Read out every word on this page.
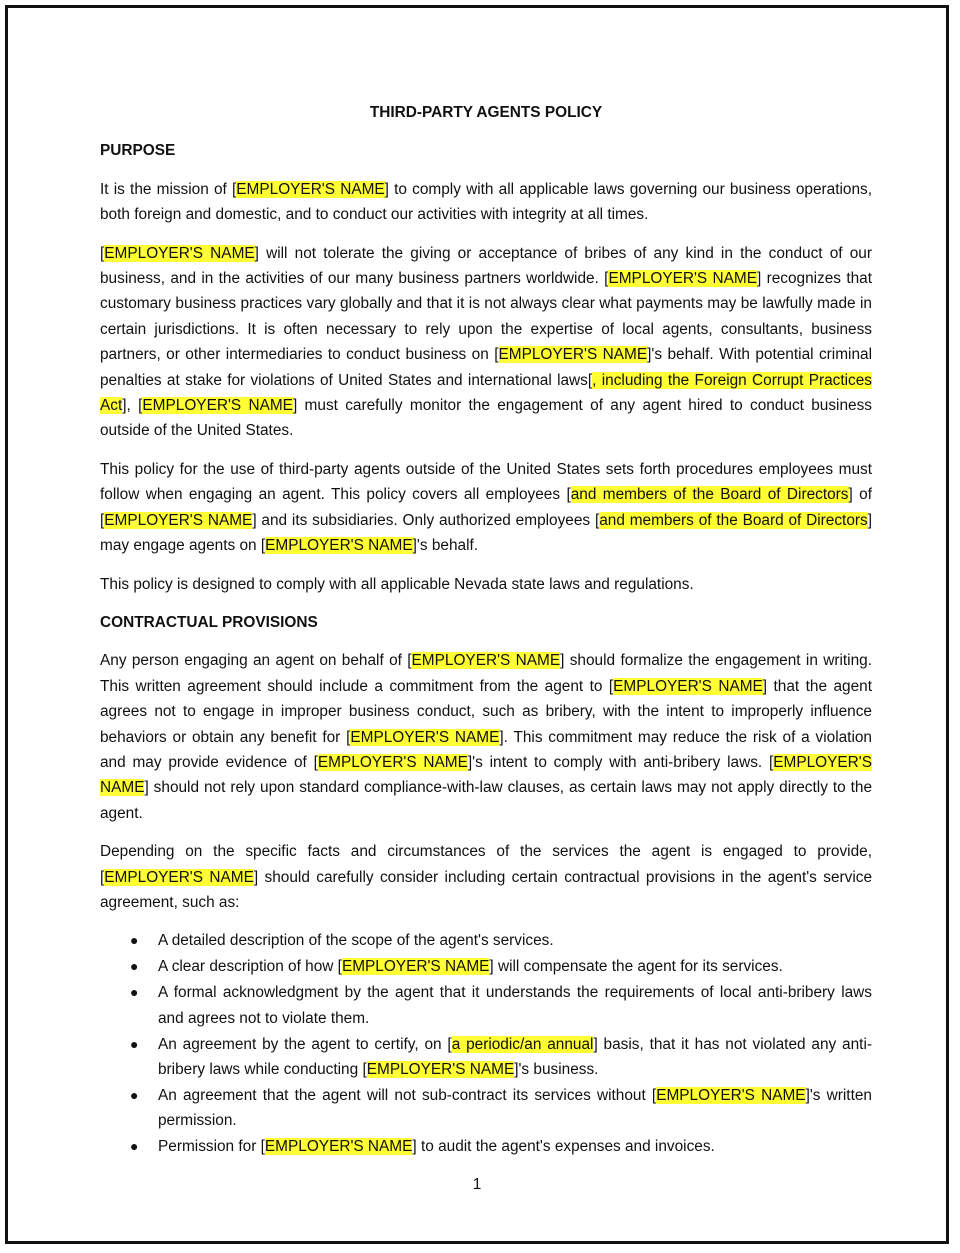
THIRD-PARTY AGENTS POLICY
PURPOSE

It is the mission of [EMPLOYER'S NAME] to comply with all applicable laws governing our business operations, both foreign and domestic, and to conduct our activities with integrity at all times.

[EMPLOYER'S NAME] will not tolerate the giving or acceptance of bribes of any kind in the conduct of our business, and in the activities of our many business partners worldwide. [EMPLOYER'S NAME] recognizes that customary business practices vary globally and that it is not always clear what payments may be lawfully made in certain jurisdictions. It is often necessary to rely upon the expertise of local agents, consultants, business partners, or other intermediaries to conduct business on [EMPLOYER'S NAME]'s behalf. With potential criminal penalties at stake for violations of United States and international laws[, including the Foreign Corrupt Practices Act], [EMPLOYER'S NAME] must carefully monitor the engagement of any agent hired to conduct business outside of the United States.

This policy for the use of third-party agents outside of the United States sets forth procedures employees must follow when engaging an agent. This policy covers all employees [and members of the Board of Directors] of [EMPLOYER'S NAME] and its subsidiaries. Only authorized employees [and members of the Board of Directors] may engage agents on [EMPLOYER'S NAME]'s behalf.

This policy is designed to comply with all applicable Nevada state laws and regulations.

CONTRACTUAL PROVISIONS

Any person engaging an agent on behalf of [EMPLOYER'S NAME] should formalize the engagement in writing. This written agreement should include a commitment from the agent to [EMPLOYER'S NAME] that the agent agrees not to engage in improper business conduct, such as bribery, with the intent to improperly influence behaviors or obtain any benefit for [EMPLOYER'S NAME]. This commitment may reduce the risk of a violation and may provide evidence of [EMPLOYER'S NAME]'s intent to comply with anti-bribery laws. [EMPLOYER'S NAME] should not rely upon standard compliance-with-law clauses, as certain laws may not apply directly to the agent.

Depending on the specific facts and circumstances of the services the agent is engaged to provide, [EMPLOYER'S NAME] should carefully consider including certain contractual provisions in the agent's service agreement, such as:

● A detailed description of the scope of the agent's services.
● A clear description of how [EMPLOYER'S NAME] will compensate the agent for its services.
● A formal acknowledgment by the agent that it understands the requirements of local anti-bribery laws and agrees not to violate them.
● An agreement by the agent to certify, on [a periodic/an annual] basis, that it has not violated any anti-bribery laws while conducting [EMPLOYER'S NAME]'s business.
● An agreement that the agent will not sub-contract its services without [EMPLOYER'S NAME]'s written permission.
● Permission for [EMPLOYER'S NAME] to audit the agent's expenses and invoices.
1
